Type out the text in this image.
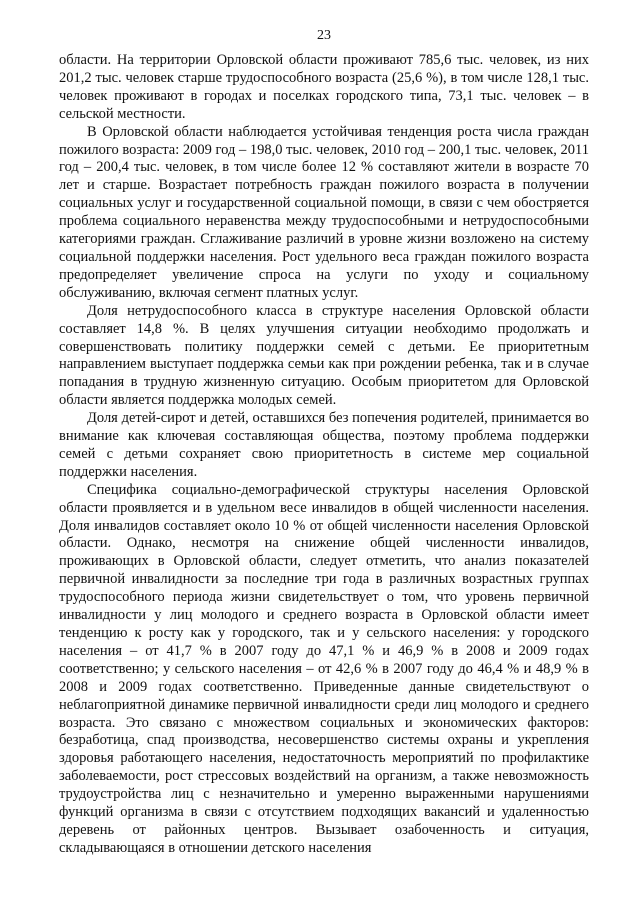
23

области. На территории Орловской области проживают 785,6 тыс. человек, из них 201,2 тыс. человек старше трудоспособного возраста (25,6 %), в том числе 128,1 тыс. человек проживают в городах и поселках городского типа, 73,1 тыс. человек – в сельской местности.

В Орловской области наблюдается устойчивая тенденция роста числа граждан пожилого возраста: 2009 год – 198,0 тыс. человек, 2010 год – 200,1 тыс. человек, 2011 год – 200,4 тыс. человек, в том числе более 12 % составляют жители в возрасте 70 лет и старше. Возрастает потребность граждан пожилого возраста в получении социальных услуг и государственной социальной помощи, в связи с чем обостряется проблема социального неравенства между трудоспособными и нетрудоспособными категориями граждан. Сглаживание различий в уровне жизни возложено на систему социальной поддержки населения. Рост удельного веса граждан пожилого возраста предопределяет увеличение спроса на услуги по уходу и социальному обслуживанию, включая сегмент платных услуг.

Доля нетрудоспособного класса в структуре населения Орловской области составляет 14,8 %. В целях улучшения ситуации необходимо продолжать и совершенствовать политику поддержки семей с детьми. Ее приоритетным направлением выступает поддержка семьи как при рождении ребенка, так и в случае попадания в трудную жизненную ситуацию. Особым приоритетом для Орловской области является поддержка молодых семей.

Доля детей-сирот и детей, оставшихся без попечения родителей, принимается во внимание как ключевая составляющая общества, поэтому проблема поддержки семей с детьми сохраняет свою приоритетность в системе мер социальной поддержки населения.

Специфика социально-демографической структуры населения Орловской области проявляется и в удельном весе инвалидов в общей численности населения. Доля инвалидов составляет около 10 % от общей численности населения Орловской области. Однако, несмотря на снижение общей численности инвалидов, проживающих в Орловской области, следует отметить, что анализ показателей первичной инвалидности за последние три года в различных возрастных группах трудоспособного периода жизни свидетельствует о том, что уровень первичной инвалидности у лиц молодого и среднего возраста в Орловской области имеет тенденцию к росту как у городского, так и у сельского населения: у городского населения – от 41,7 % в 2007 году до 47,1 % и 46,9 % в 2008 и 2009 годах соответственно; у сельского населения – от 42,6 % в 2007 году до 46,4 % и 48,9 % в 2008 и 2009 годах соответственно. Приведенные данные свидетельствуют о неблагоприятной динамике первичной инвалидности среди лиц молодого и среднего возраста. Это связано с множеством социальных и экономических факторов: безработица, спад производства, несовершенство системы охраны и укрепления здоровья работающего населения, недостаточность мероприятий по профилактике заболеваемости, рост стрессовых воздействий на организм, а также невозможность трудоустройства лиц с незначительно и умеренно выраженными нарушениями функций организма в связи с отсутствием подходящих вакансий и удаленностью деревень от районных центров. Вызывает озабоченность и ситуация, складывающаяся в отношении детского населения
